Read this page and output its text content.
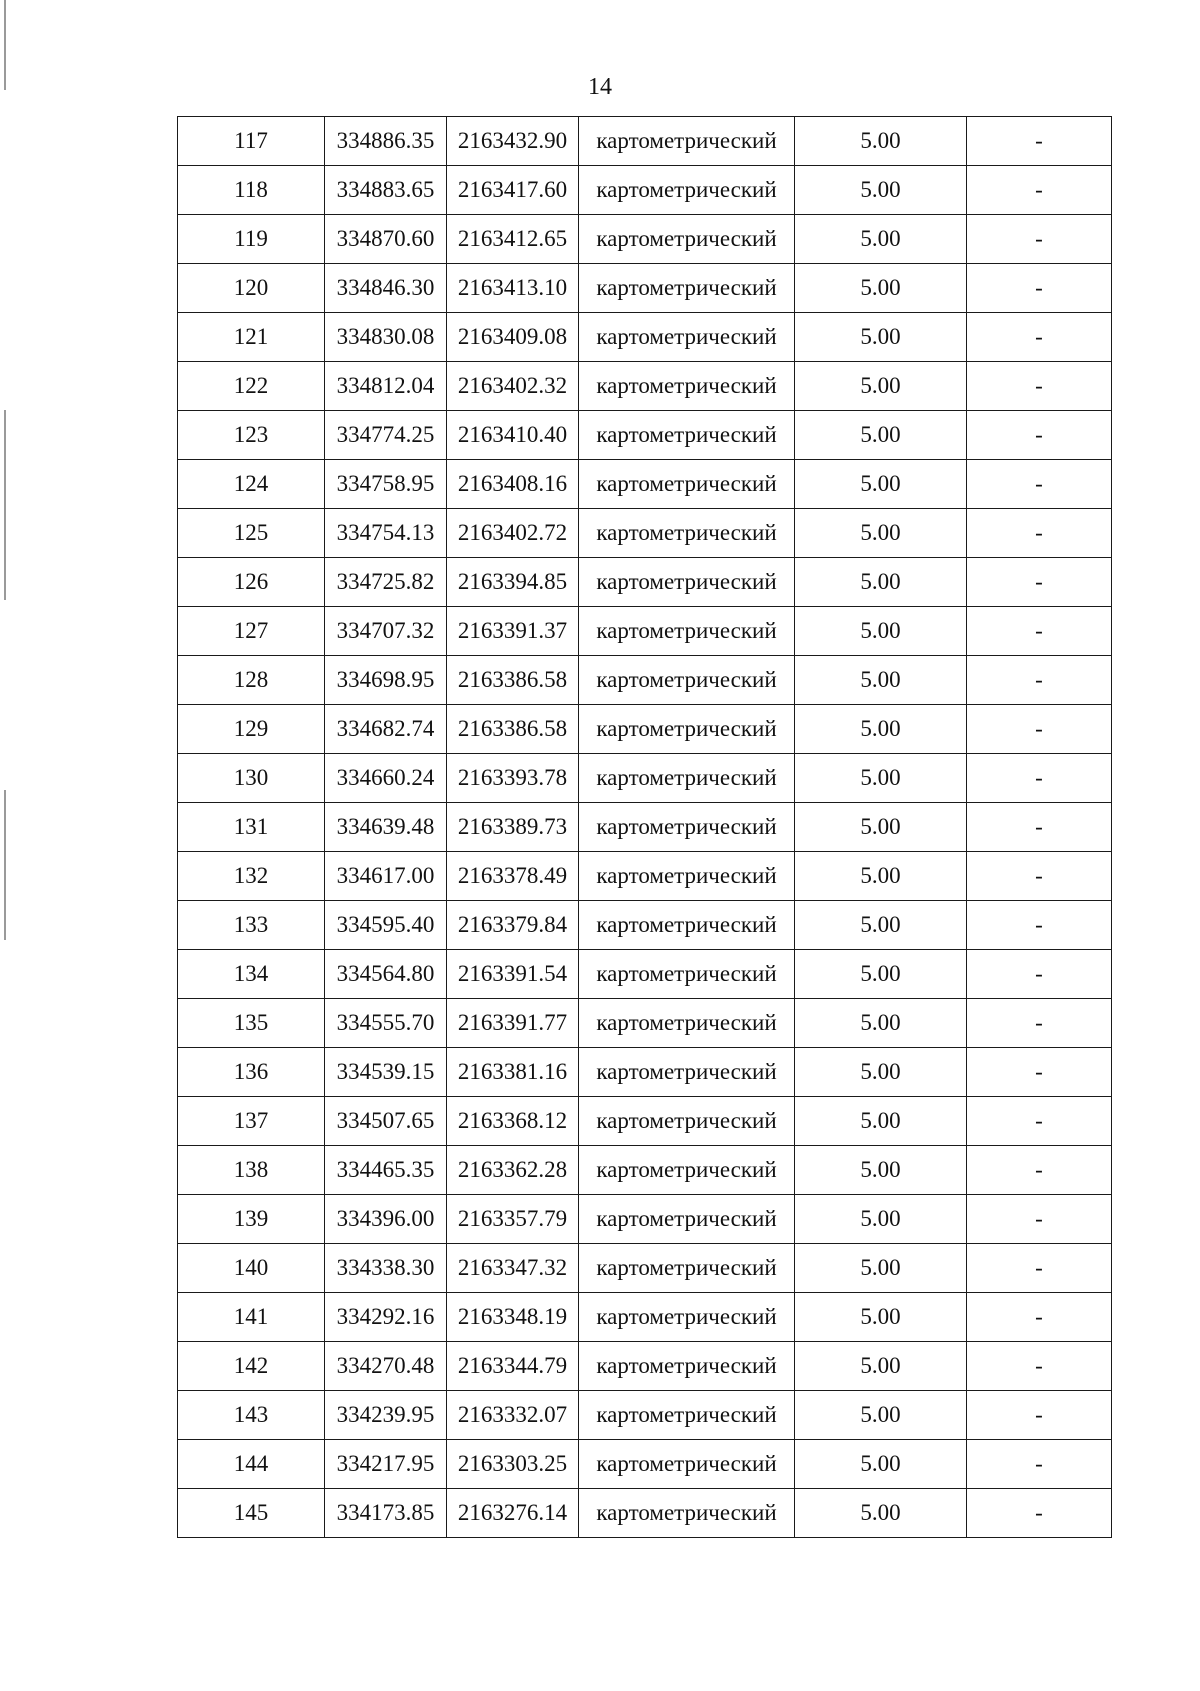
14
117	334886.35	2163432.90	картометрический	5.00	-
118	334883.65	2163417.60	картометрический	5.00	-
119	334870.60	2163412.65	картометрический	5.00	-
120	334846.30	2163413.10	картометрический	5.00	-
121	334830.08	2163409.08	картометрический	5.00	-
122	334812.04	2163402.32	картометрический	5.00	-
123	334774.25	2163410.40	картометрический	5.00	-
124	334758.95	2163408.16	картометрический	5.00	-
125	334754.13	2163402.72	картометрический	5.00	-
126	334725.82	2163394.85	картометрический	5.00	-
127	334707.32	2163391.37	картометрический	5.00	-
128	334698.95	2163386.58	картометрический	5.00	-
129	334682.74	2163386.58	картометрический	5.00	-
130	334660.24	2163393.78	картометрический	5.00	-
131	334639.48	2163389.73	картометрический	5.00	-
132	334617.00	2163378.49	картометрический	5.00	-
133	334595.40	2163379.84	картометрический	5.00	-
134	334564.80	2163391.54	картометрический	5.00	-
135	334555.70	2163391.77	картометрический	5.00	-
136	334539.15	2163381.16	картометрический	5.00	-
137	334507.65	2163368.12	картометрический	5.00	-
138	334465.35	2163362.28	картометрический	5.00	-
139	334396.00	2163357.79	картометрический	5.00	-
140	334338.30	2163347.32	картометрический	5.00	-
141	334292.16	2163348.19	картометрический	5.00	-
142	334270.48	2163344.79	картометрический	5.00	-
143	334239.95	2163332.07	картометрический	5.00	-
144	334217.95	2163303.25	картометрический	5.00	-
145	334173.85	2163276.14	картометрический	5.00	-
